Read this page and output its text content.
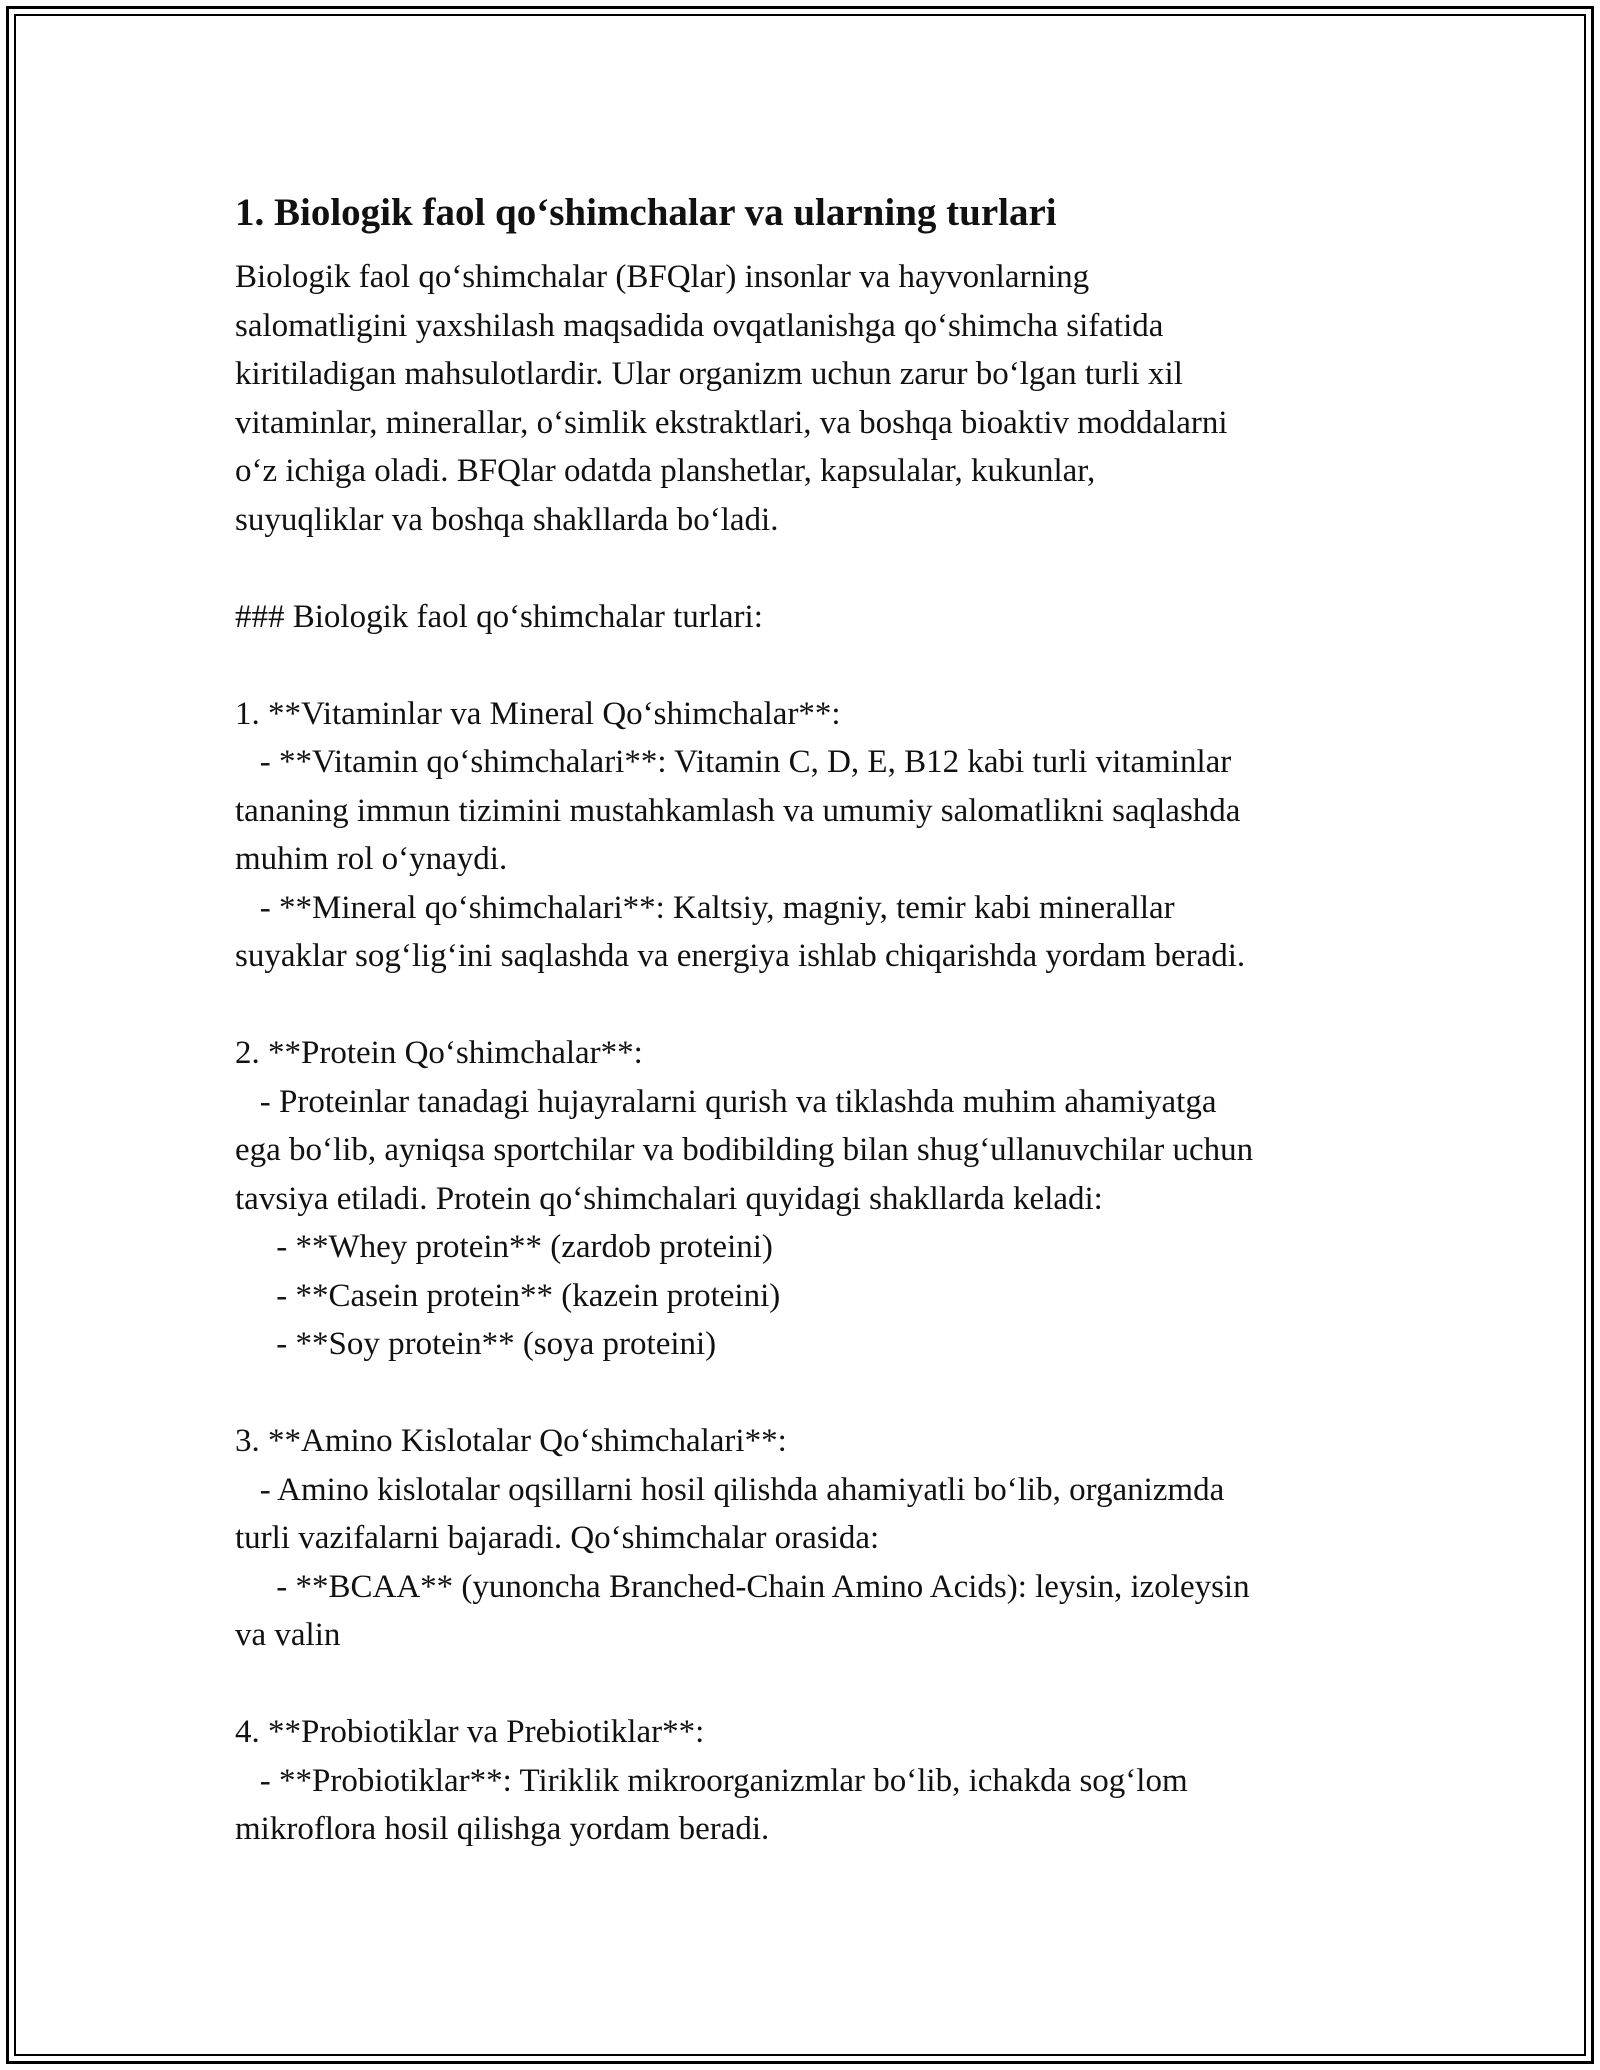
1. Biologik faol qo‘shimchalar va ularning turlari
Biologik faol qo‘shimchalar (BFQlar) insonlar va hayvonlarning
salomatligini yaxshilash maqsadida ovqatlanishga qo‘shimcha sifatida
kiritiladigan mahsulotlardir. Ular organizm uchun zarur bo‘lgan turli xil
vitaminlar, minerallar, o‘simlik ekstraktlari, va boshqa bioaktiv moddalarni
o‘z ichiga oladi. BFQlar odatda planshetlar, kapsulalar, kukunlar,
suyuqliklar va boshqa shakllarda bo‘ladi.

### Biologik faol qo‘shimchalar turlari:

1. **Vitaminlar va Mineral Qo‘shimchalar**:
- **Vitamin qo‘shimchalari**: Vitamin C, D, E, B12 kabi turli vitaminlar
tananing immun tizimini mustahkamlash va umumiy salomatlikni saqlashda
muhim rol o‘ynaydi.
- **Mineral qo‘shimchalari**: Kaltsiy, magniy, temir kabi minerallar
suyaklar sog‘lig‘ini saqlashda va energiya ishlab chiqarishda yordam beradi.

2. **Protein Qo‘shimchalar**:
- Proteinlar tanadagi hujayralarni qurish va tiklashda muhim ahamiyatga
ega bo‘lib, ayniqsa sportchilar va bodibilding bilan shug‘ullanuvchilar uchun
tavsiya etiladi. Protein qo‘shimchalari quyidagi shakllarda keladi:
- **Whey protein** (zardob proteini)
- **Casein protein** (kazein proteini)
- **Soy protein** (soya proteini)

3. **Amino Kislotalar Qo‘shimchalari**:
- Amino kislotalar oqsillarni hosil qilishda ahamiyatli bo‘lib, organizmda
turli vazifalarni bajaradi. Qo‘shimchalar orasida:
- **BCAA** (yunoncha Branched-Chain Amino Acids): leysin, izoleysin
va valin

4. **Probiotiklar va Prebiotiklar**:
- **Probiotiklar**: Tiriklik mikroorganizmlar bo‘lib, ichakda sog‘lom
mikroflora hosil qilishga yordam beradi.
